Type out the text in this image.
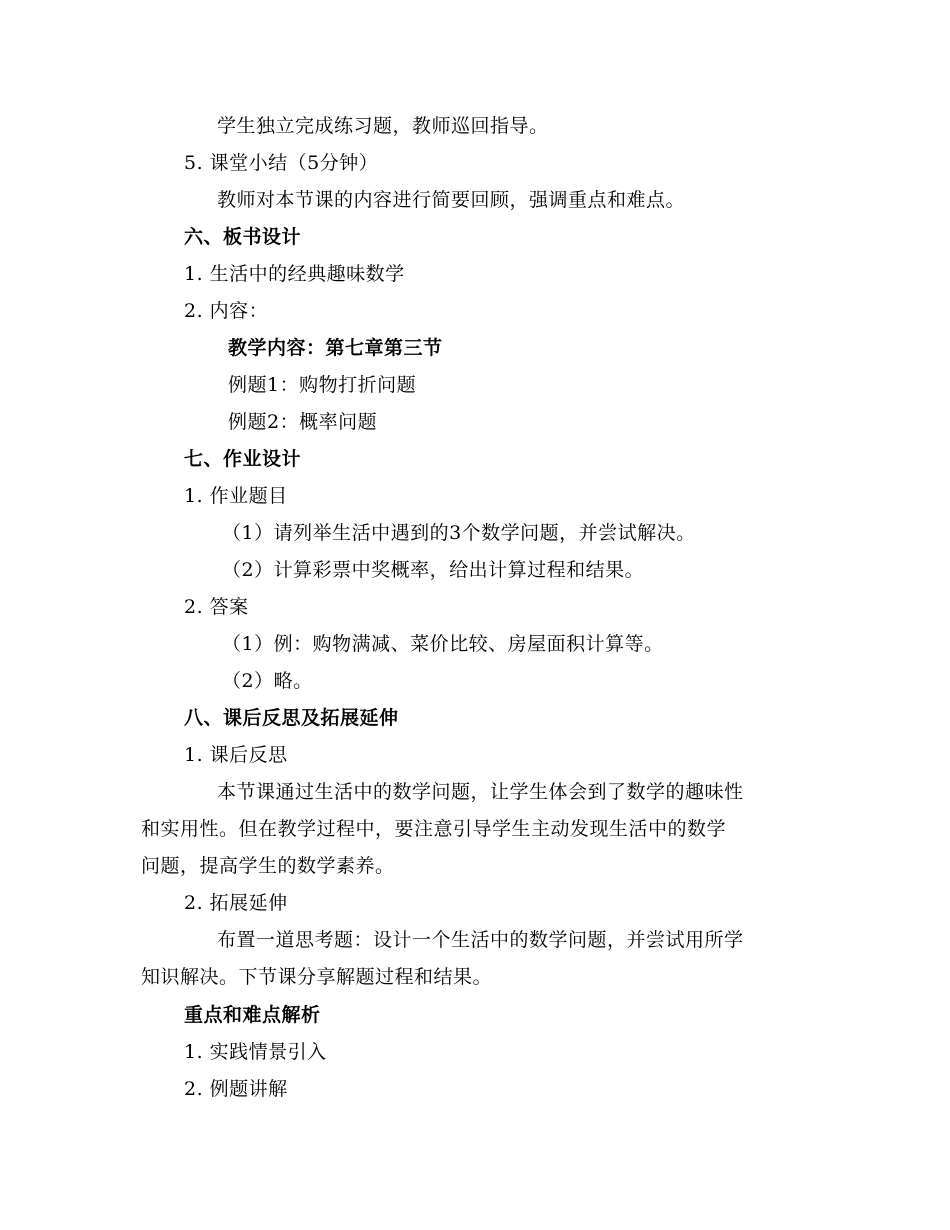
学生独立完成练习题，教师巡回指导。
5. 课堂小结（5分钟）
教师对本节课的内容进行简要回顾，强调重点和难点。
六、板书设计
1. 生活中的经典趣味数学
2. 内容：
教学内容：第七章第三节
例题1：购物打折问题
例题2：概率问题
七、作业设计
1. 作业题目
（1）请列举生活中遇到的3个数学问题，并尝试解决。
（2）计算彩票中奖概率，给出计算过程和结果。
2. 答案
（1）例：购物满减、菜价比较、房屋面积计算等。
（2）略。
八、课后反思及拓展延伸
1. 课后反思
本节课通过生活中的数学问题，让学生体会到了数学的趣味性
和实用性。但在教学过程中，要注意引导学生主动发现生活中的数学
问题，提高学生的数学素养。
2. 拓展延伸
布置一道思考题：设计一个生活中的数学问题，并尝试用所学
知识解决。下节课分享解题过程和结果。
重点和难点解析
1. 实践情景引入
2. 例题讲解
